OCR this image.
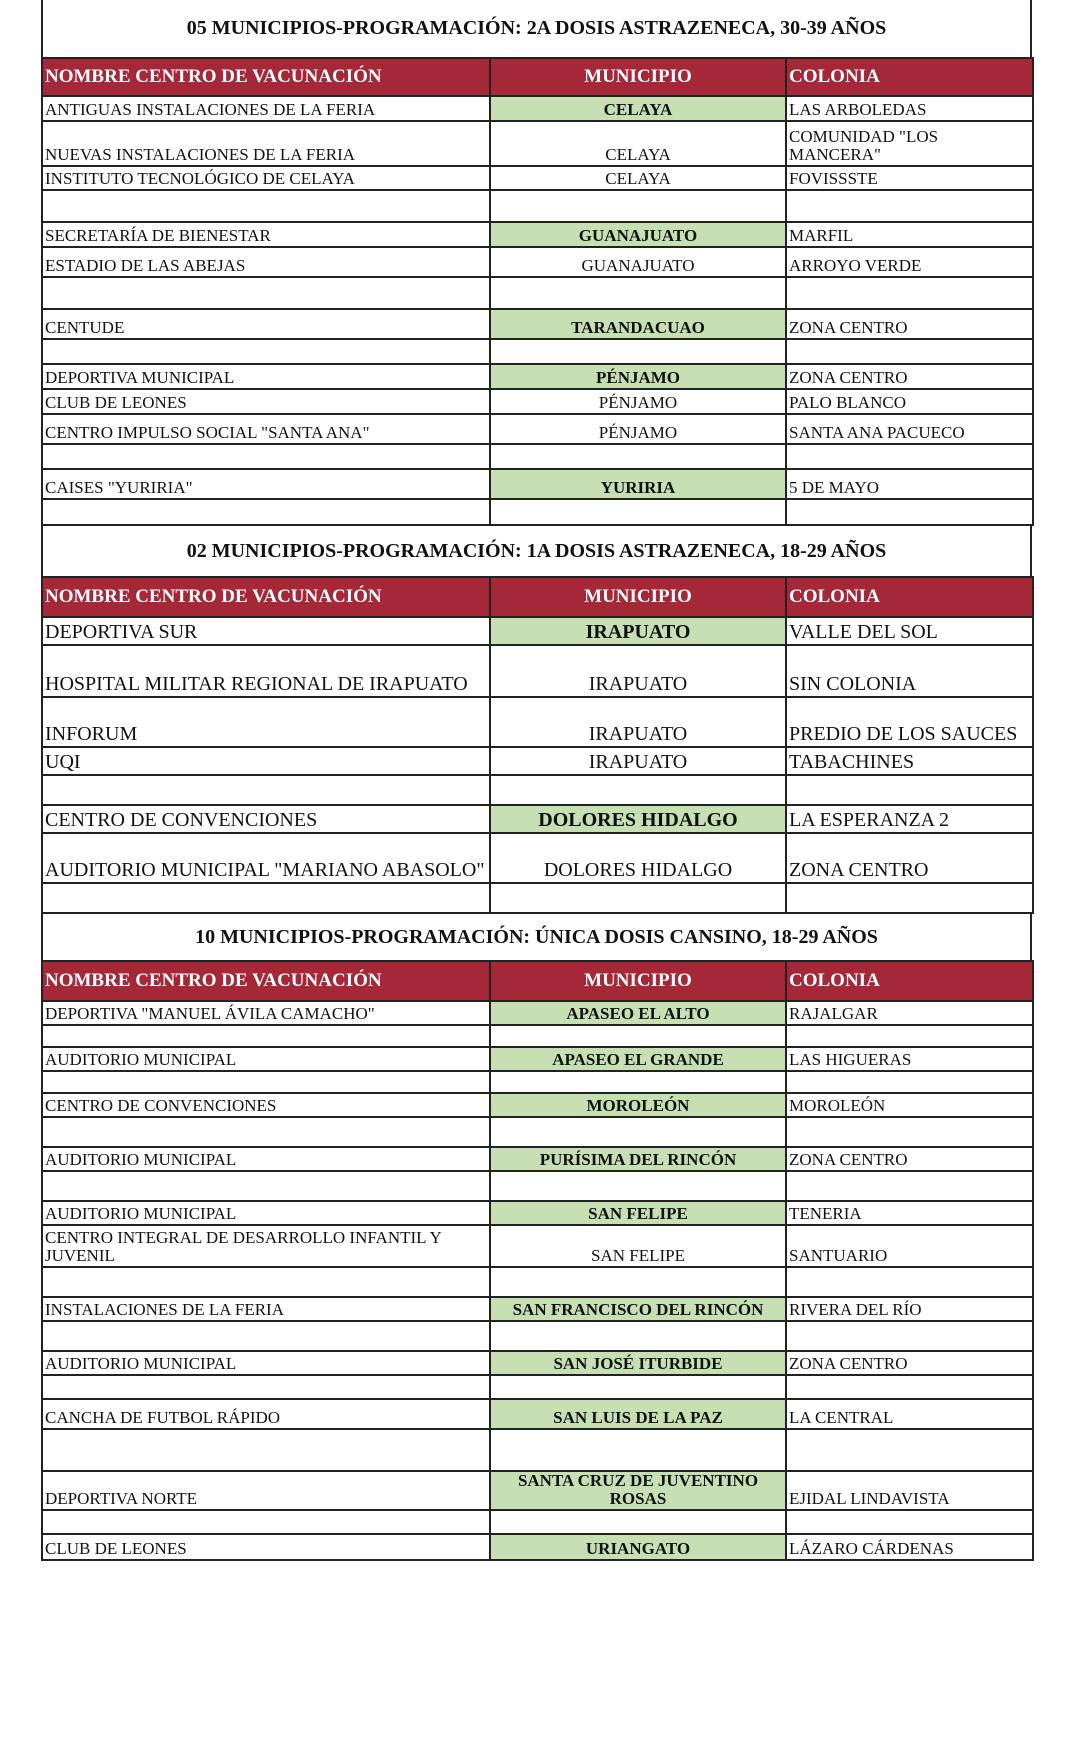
05 MUNICIPIOS-PROGRAMACIÓN: 2A DOSIS ASTRAZENECA, 30-39 AÑOS
NOMBRE CENTRO DE VACUNACIÓN	MUNICIPIO	COLONIA
ANTIGUAS INSTALACIONES DE LA FERIA	CELAYA	LAS ARBOLEDAS
NUEVAS INSTALACIONES DE LA FERIA	CELAYA	COMUNIDAD "LOS MANCERA"
INSTITUTO TECNOLÓGICO DE CELAYA	CELAYA	FOVISSSTE

SECRETARÍA DE BIENESTAR	GUANAJUATO	MARFIL
ESTADIO DE LAS ABEJAS	GUANAJUATO	ARROYO VERDE

CENTUDE	TARANDACUAO	ZONA CENTRO

DEPORTIVA MUNICIPAL	PÉNJAMO	ZONA CENTRO
CLUB DE LEONES	PÉNJAMO	PALO BLANCO
CENTRO IMPULSO SOCIAL "SANTA ANA"	PÉNJAMO	SANTA ANA PACUECO

CAISES "YURIRIA"	YURIRIA	5 DE MAYO

02 MUNICIPIOS-PROGRAMACIÓN: 1A DOSIS ASTRAZENECA, 18-29 AÑOS
NOMBRE CENTRO DE VACUNACIÓN	MUNICIPIO	COLONIA
DEPORTIVA SUR	IRAPUATO	VALLE DEL SOL
HOSPITAL MILITAR REGIONAL DE IRAPUATO	IRAPUATO	SIN COLONIA
INFORUM	IRAPUATO	PREDIO DE LOS SAUCES
UQI	IRAPUATO	TABACHINES

CENTRO DE CONVENCIONES	DOLORES HIDALGO	LA ESPERANZA 2
AUDITORIO MUNICIPAL "MARIANO ABASOLO"	DOLORES HIDALGO	ZONA CENTRO

10 MUNICIPIOS-PROGRAMACIÓN: ÚNICA DOSIS CANSINO, 18-29 AÑOS
NOMBRE CENTRO DE VACUNACIÓN	MUNICIPIO	COLONIA
DEPORTIVA "MANUEL ÁVILA CAMACHO"	APASEO EL ALTO	RAJALGAR

AUDITORIO MUNICIPAL	APASEO EL GRANDE	LAS HIGUERAS

CENTRO DE CONVENCIONES	MOROLEÓN	MOROLEÓN

AUDITORIO MUNICIPAL	PURÍSIMA DEL RINCÓN	ZONA CENTRO

AUDITORIO MUNICIPAL	SAN FELIPE	TENERIA
CENTRO INTEGRAL DE DESARROLLO INFANTIL Y JUVENIL	SAN FELIPE	SANTUARIO

INSTALACIONES DE LA FERIA	SAN FRANCISCO DEL RINCÓN	RIVERA DEL RÍO

AUDITORIO MUNICIPAL	SAN JOSÉ ITURBIDE	ZONA CENTRO

CANCHA DE FUTBOL RÁPIDO	SAN LUIS DE LA PAZ	LA CENTRAL

DEPORTIVA NORTE	SANTA CRUZ DE JUVENTINO ROSAS	EJIDAL LINDAVISTA

CLUB DE LEONES	URIANGATO	LÁZARO CÁRDENAS
